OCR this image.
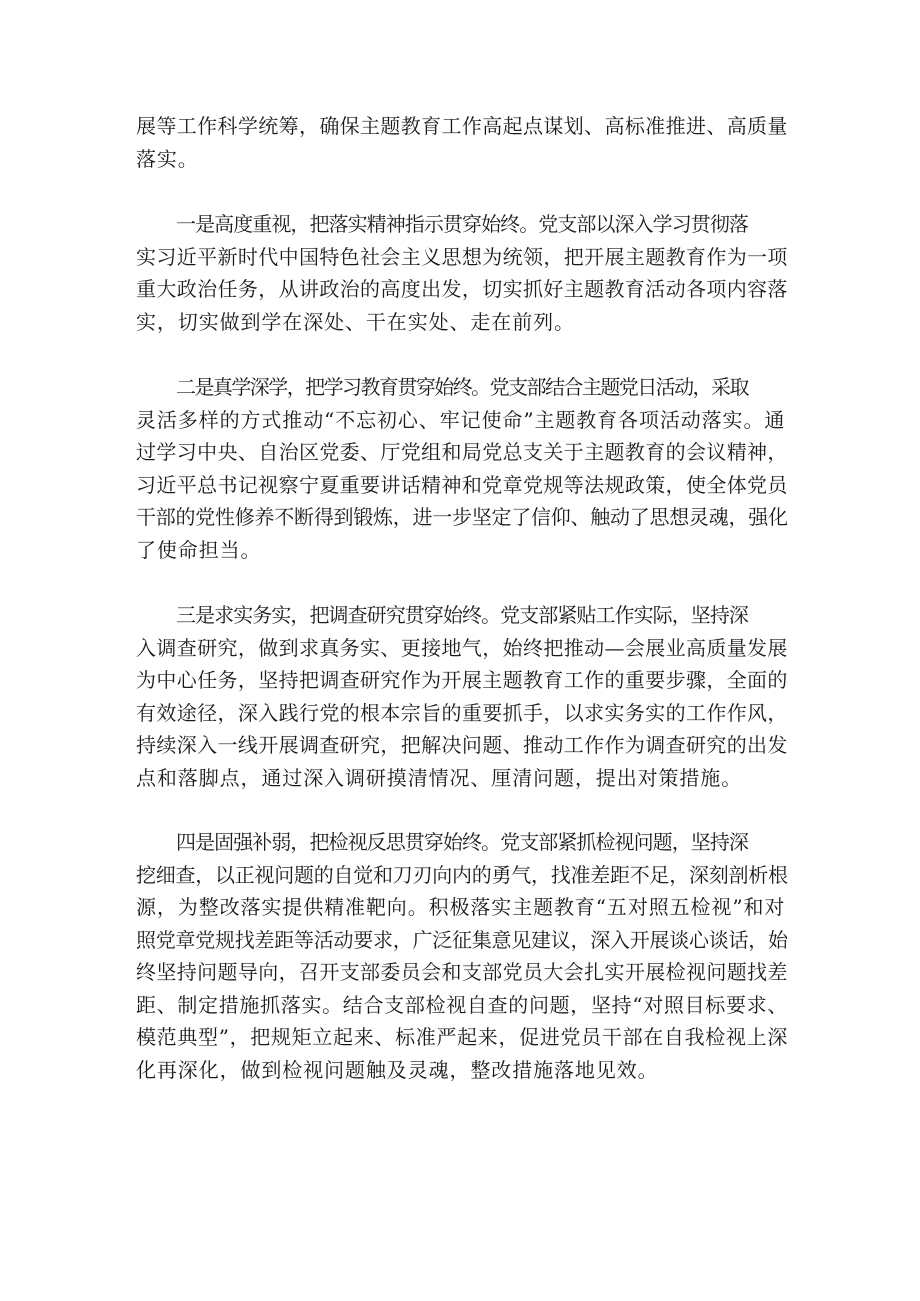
展等工作科学统筹，确保主题教育工作高起点谋划、高标准推进、高质量
落实。

一是高度重视，把落实精神指示贯穿始终。党支部以深入学习贯彻落
实习近平新时代中国特色社会主义思想为统领，把开展主题教育作为一项
重大政治任务，从讲政治的高度出发，切实抓好主题教育活动各项内容落
实，切实做到学在深处、干在实处、走在前列。

二是真学深学，把学习教育贯穿始终。党支部结合主题党日活动，采取
灵活多样的方式推动“不忘初心、牢记使命”主题教育各项活动落实。通
过学习中央、自治区党委、厅党组和局党总支关于主题教育的会议精神，
习近平总书记视察宁夏重要讲话精神和党章党规等法规政策，使全体党员
干部的党性修养不断得到锻炼，进一步坚定了信仰、触动了思想灵魂，强化
了使命担当。

三是求实务实，把调查研究贯穿始终。党支部紧贴工作实际，坚持深
入调查研究，做到求真务实、更接地气，始终把推动—会展业高质量发展
为中心任务，坚持把调查研究作为开展主题教育工作的重要步骤，全面的
有效途径，深入践行党的根本宗旨的重要抓手，以求实务实的工作作风，
持续深入一线开展调查研究，把解决问题、推动工作作为调查研究的出发
点和落脚点，通过深入调研摸清情况、厘清问题，提出对策措施。

四是固强补弱，把检视反思贯穿始终。党支部紧抓检视问题，坚持深
挖细查，以正视问题的自觉和刀刃向内的勇气，找准差距不足，深刻剖析根
源，为整改落实提供精准靶向。积极落实主题教育“五对照五检视”和对
照党章党规找差距等活动要求，广泛征集意见建议，深入开展谈心谈话，始
终坚持问题导向，召开支部委员会和支部党员大会扎实开展检视问题找差
距、制定措施抓落实。结合支部检视自查的问题，坚持“对照目标要求、
模范典型”，把规矩立起来、标准严起来，促进党员干部在自我检视上深
化再深化，做到检视问题触及灵魂，整改措施落地见效。
